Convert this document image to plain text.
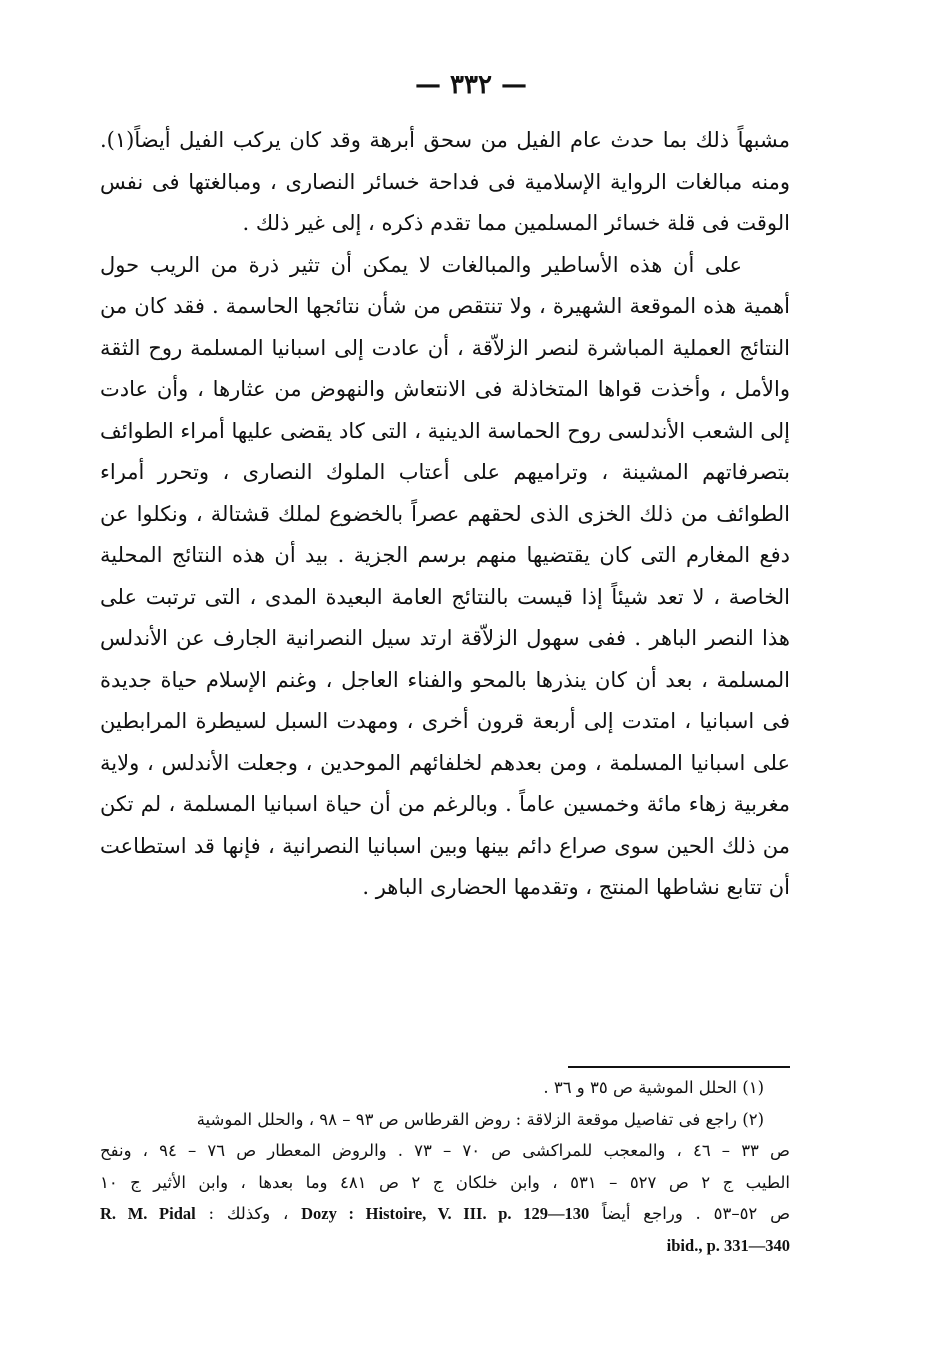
— ٣٣٢ —

مشبهاً ذلك بما حدث عام الفيل من سحق أبرهة وقد كان يركب الفيل أيضاً(١). ومنه مبالغات الرواية الإسلامية فى فداحة خسائر النصارى ، ومبالغتها فى نفس الوقت فى قلة خسائر المسلمين مما تقدم ذكره ، إلى غير ذلك .

على أن هذه الأساطير والمبالغات لا يمكن أن تثير ذرة من الريب حول أهمية هذه الموقعة الشهيرة ، ولا تنتقص من شأن نتائجها الحاسمة . فقد كان من النتائج العملية المباشرة لنصر الزلاّقة ، أن عادت إلى اسبانيا المسلمة روح الثقة والأمل ، وأخذت قواها المتخاذلة فى الانتعاش والنهوض من عثارها ، وأن عادت إلى الشعب الأندلسى روح الحماسة الدينية ، التى كاد يقضى عليها أمراء الطوائف بتصرفاتهم المشينة ، وترامیهم على أعتاب الملوك النصارى ، وتحرر أمراء الطوائف من ذلك الخزى الذى لحقهم عصراً بالخضوع لملك قشتالة ، ونكلوا عن دفع المغارم التى كان يقتضيها منهم برسم الجزية . بيد أن هذه النتائج المحلية الخاصة ، لا تعد شيئاً إذا قيست بالنتائج العامة البعيدة المدى ، التى ترتبت على هذا النصر الباهر . ففى سهول الزلاّقة ارتد سيل النصرانية الجارف عن الأندلس المسلمة ، بعد أن كان ينذرها بالمحو والفناء العاجل ، وغنم الإسلام حياة جديدة فى اسبانيا ، امتدت إلى أربعة قرون أخرى ، ومهدت السبل لسيطرة المرابطين على اسبانيا المسلمة ، ومن بعدهم لخلفائهم الموحدين ، وجعلت الأندلس ، ولاية مغربية زهاء مائة وخمسين عاماً . وبالرغم من أن حياة اسبانيا المسلمة ، لم تكن من ذلك الحين سوى صراع دائم بينها وبين اسبانيا النصرانية ، فإنها قد استطاعت أن تتابع نشاطها المنتج ، وتقدمها الحضارى الباهر .

(١) الحلل الموشية ص ٣٥ و ٣٦ .
(٢) راجع فى تفاصيل موقعة الزلاقة : روض القرطاس ص ٩٣ – ٩٨ ، والحلل الموشية
ص ٣٣ – ٤٦ ، والمعجب للمراكشى ص ٧٠ – ٧٣ . والروض المعطار ص ٧٦ – ٩٤ ، ونفح
الطيب ج ٢ ص ٥٢٧ – ٥٣١ ، وابن خلكان ج ٢ ص ٤٨١ وما بعدها ، وابن الأثير ج ١٠
ص ٥٢–٥٣ . وراجع أيضاً Dozy : Histoire, V. III. p. 129—130 ، وكذلك : R. M. Pidal
ibid., p. 331—340
